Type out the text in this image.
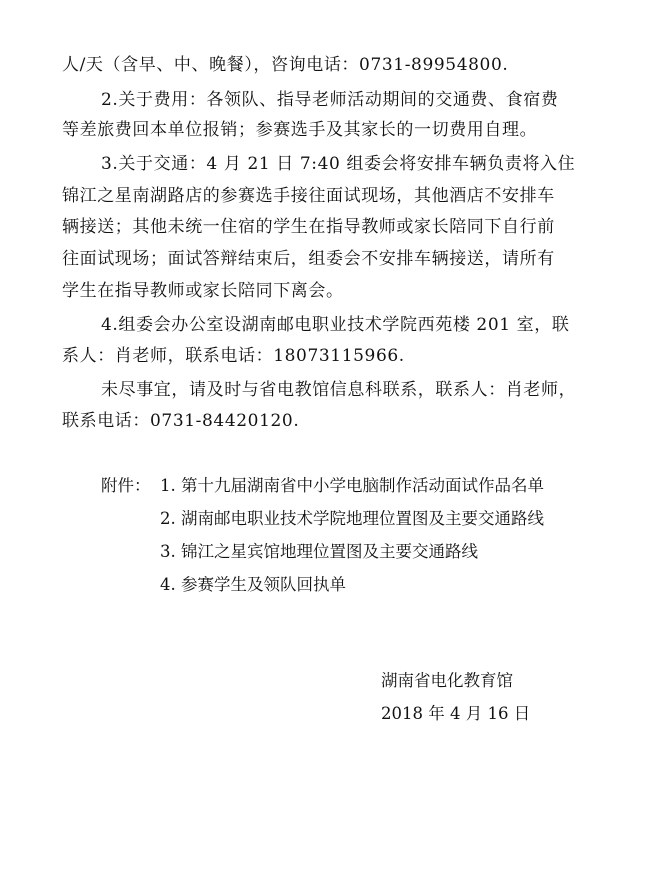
人/天（含早、中、晚餐），咨询电话：0731-89954800.
2.关于费用：各领队、指导老师活动期间的交通费、食宿费
等差旅费回本单位报销；参赛选手及其家长的一切费用自理。
3.关于交通：4 月 21 日 7:40 组委会将安排车辆负责将入住
锦江之星南湖路店的参赛选手接往面试现场，其他酒店不安排车
辆接送；其他未统一住宿的学生在指导教师或家长陪同下自行前
往面试现场；面试答辩结束后，组委会不安排车辆接送，请所有
学生在指导教师或家长陪同下离会。
4.组委会办公室设湖南邮电职业技术学院西苑楼 201 室，联
系人：肖老师，联系电话：18073115966.
未尽事宜，请及时与省电教馆信息科联系，联系人：肖老师，
联系电话：0731-84420120.
附件： 1. 第十九届湖南省中小学电脑制作活动面试作品名单
2. 湖南邮电职业技术学院地理位置图及主要交通路线
3. 锦江之星宾馆地理位置图及主要交通路线
4. 参赛学生及领队回执单
湖南省电化教育馆
2018 年 4 月 16 日
